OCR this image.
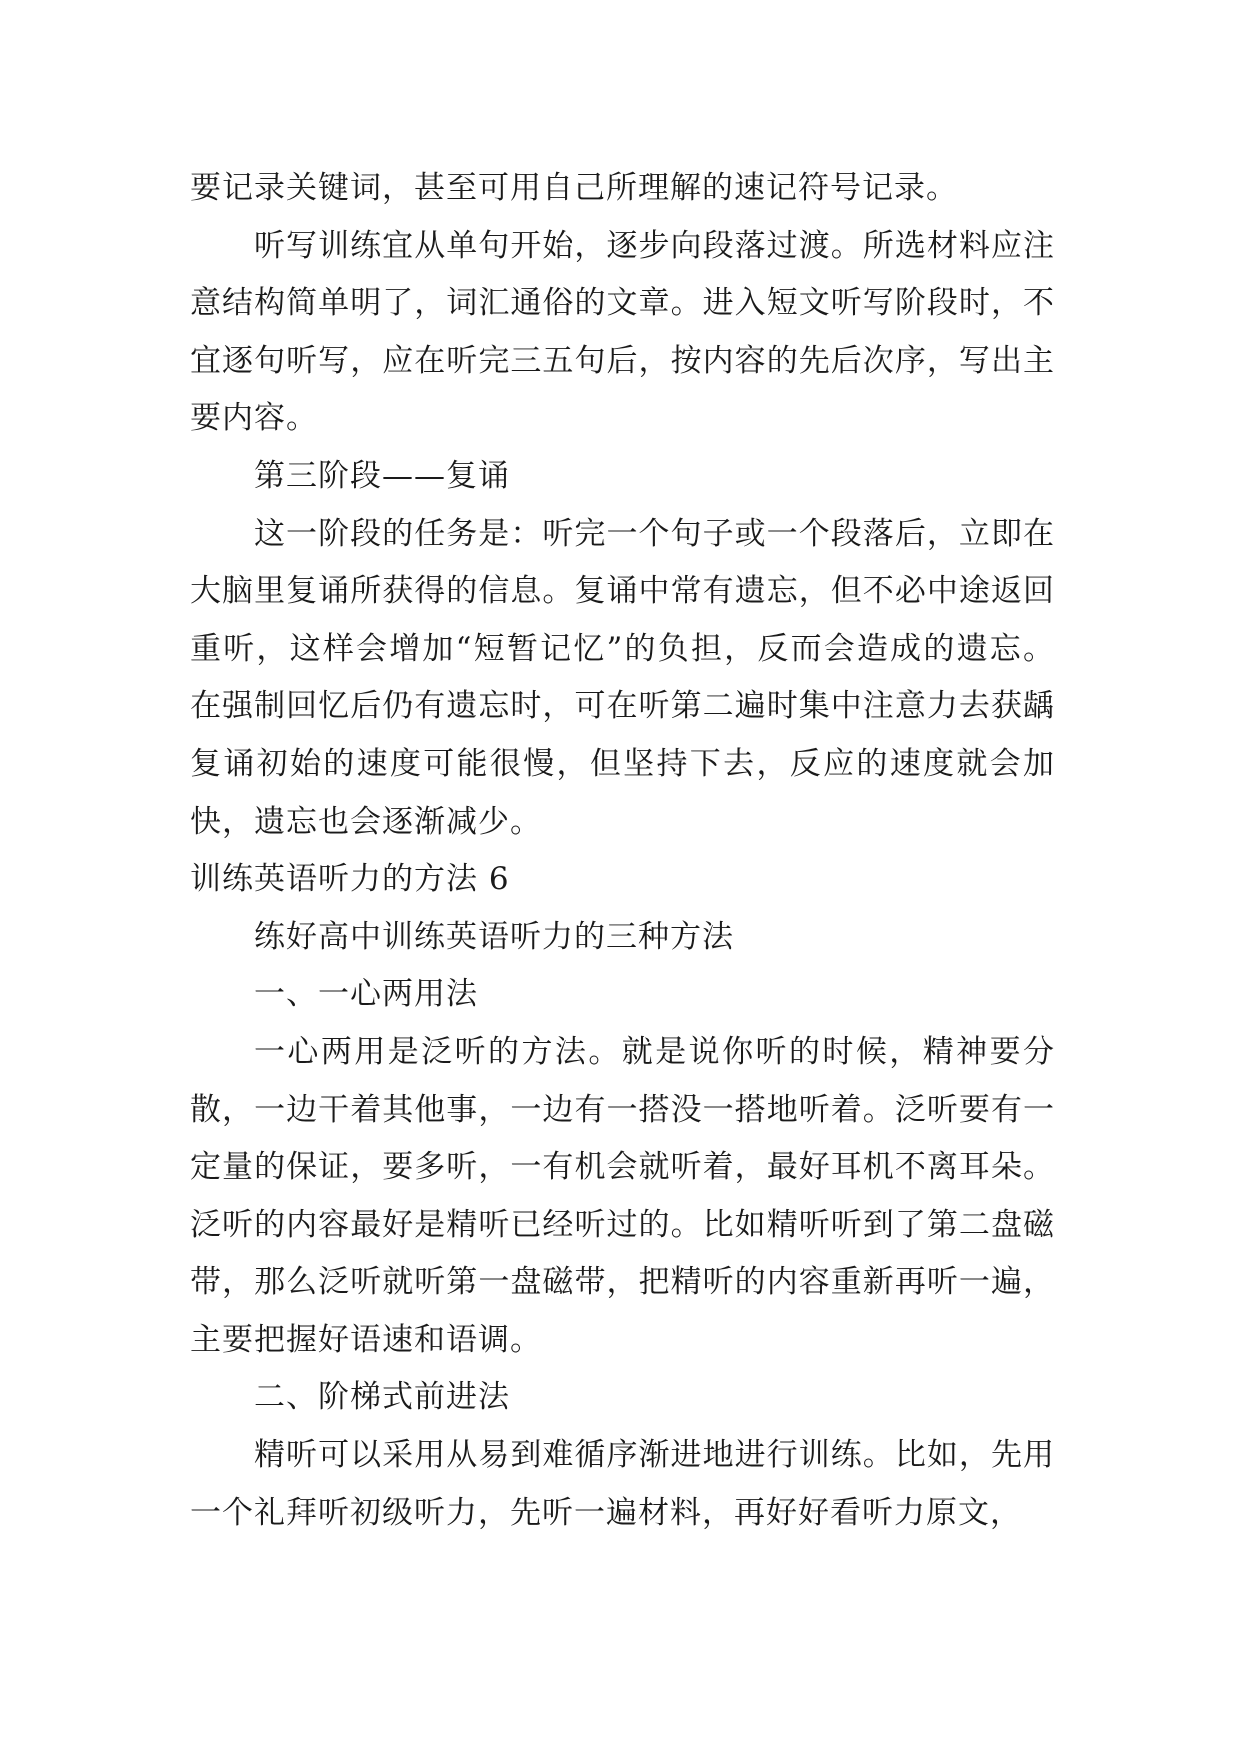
要记录关键词，甚至可用自己所理解的速记符号记录。

听写训练宜从单句开始，逐步向段落过渡。所选材料应注意结构简单明了，词汇通俗的文章。进入短文听写阶段时，不宜逐句听写，应在听完三五句后，按内容的先后次序，写出主要内容。

第三阶段——复诵

这一阶段的任务是：听完一个句子或一个段落后，立即在大脑里复诵所获得的信息。复诵中常有遗忘，但不必中途返回重听，这样会增加“短暂记忆”的负担，反而会造成的遗忘。在强制回忆后仍有遗忘时，可在听第二遍时集中注意力去获龋复诵初始的速度可能很慢，但坚持下去，反应的速度就会加快，遗忘也会逐渐减少。

训练英语听力的方法 6

练好高中训练英语听力的三种方法

一、一心两用法

一心两用是泛听的方法。就是说你听的时候，精神要分散，一边干着其他事，一边有一搭没一搭地听着。泛听要有一定量的保证，要多听，一有机会就听着，最好耳机不离耳朵。泛听的内容最好是精听已经听过的。比如精听听到了第二盘磁带，那么泛听就听第一盘磁带，把精听的内容重新再听一遍，主要把握好语速和语调。

二、阶梯式前进法

精听可以采用从易到难循序渐进地进行训练。比如，先用一个礼拜听初级听力，先听一遍材料，再好好看听力原文，
